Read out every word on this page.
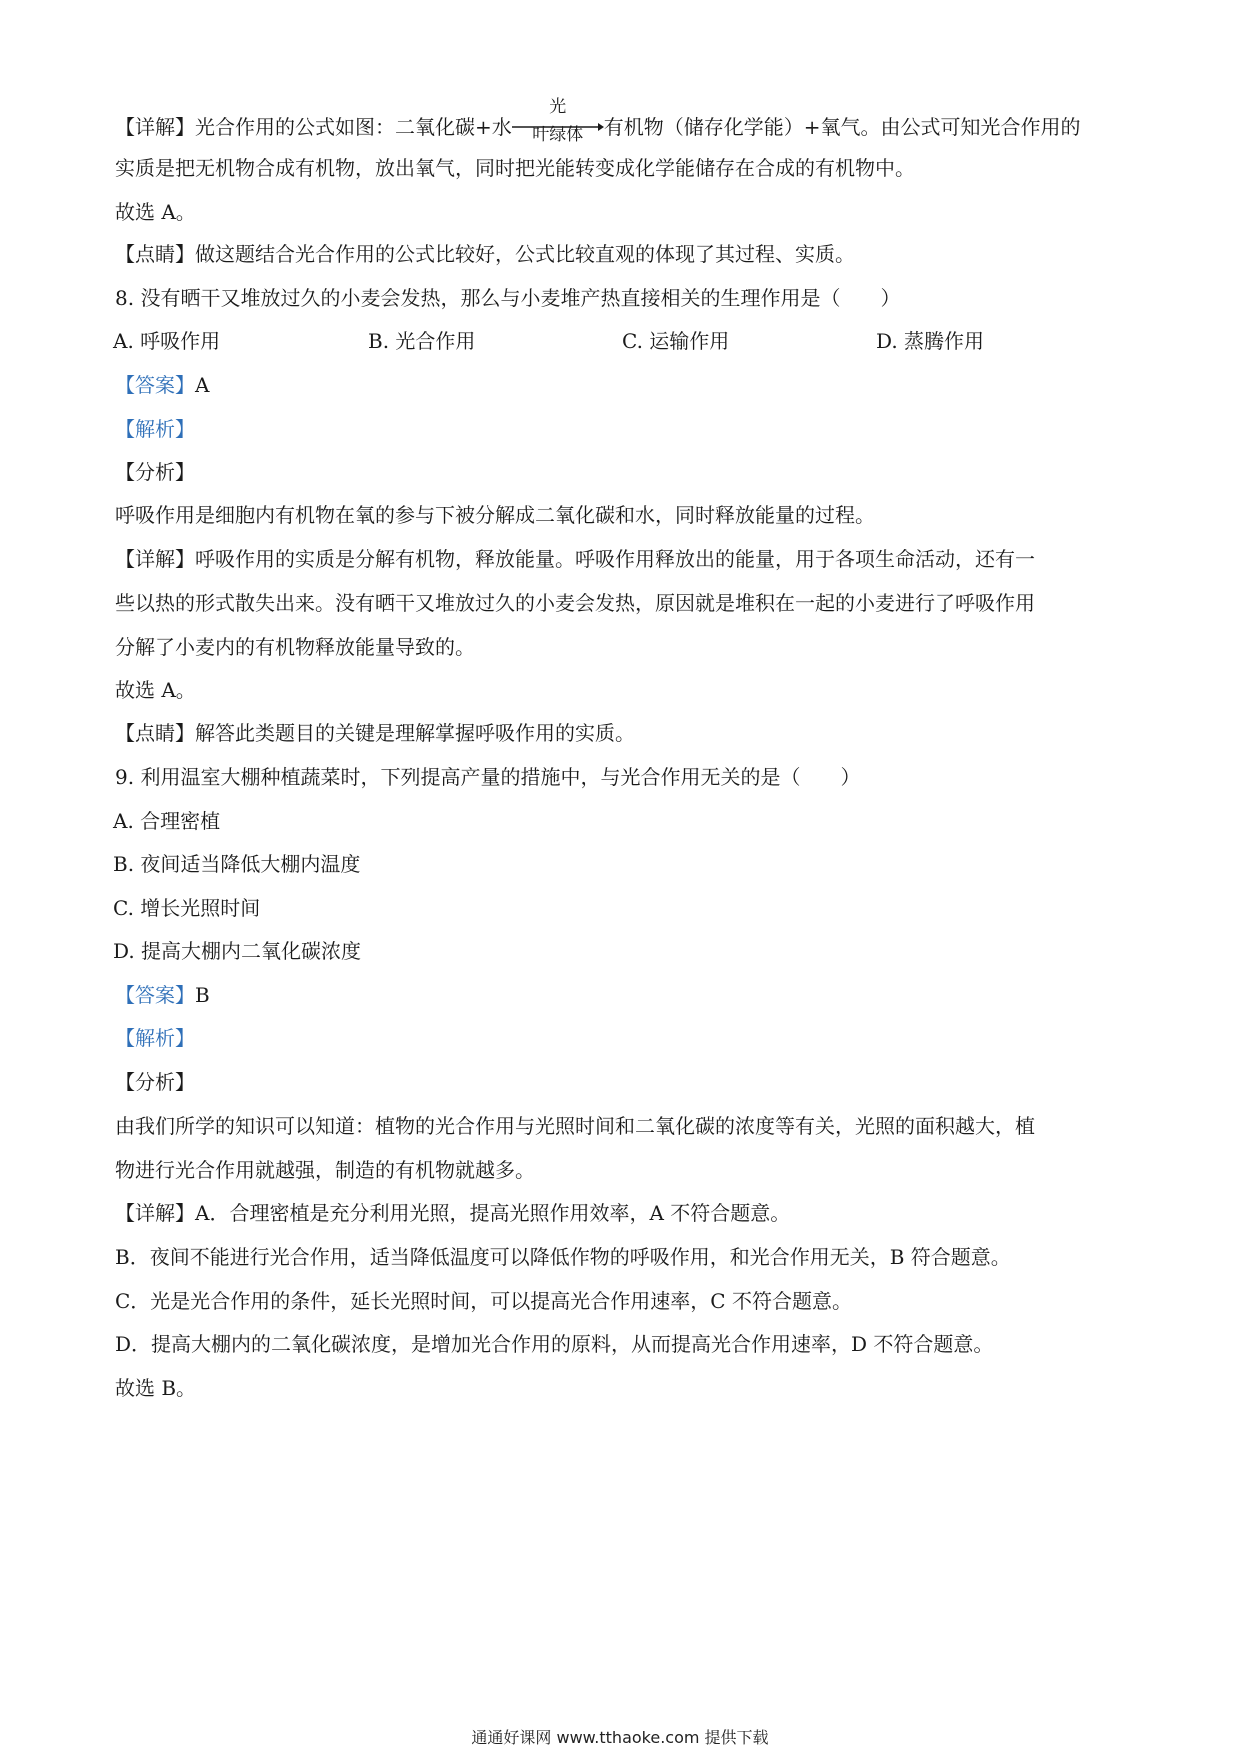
【详解】光合作用的公式如图：二氧化碳+水
光
叶绿体	有机物（储存化学能）+氧气。由公式可知光合作用的
实质是把无机物合成有机物，放出氧气，同时把光能转变成化学能储存在合成的有机物中。
故选 A。
【点睛】做这题结合光合作用的公式比较好，公式比较直观的体现了其过程、实质。
8. 没有晒干又堆放过久的小麦会发热，那么与小麦堆产热直接相关的生理作用是（　　）
A. 呼吸作用	B. 光合作用	C. 运输作用	D. 蒸腾作用
【答案】A
【解析】
【分析】
呼吸作用是细胞内有机物在氧的参与下被分解成二氧化碳和水，同时释放能量的过程。
【详解】呼吸作用的实质是分解有机物，释放能量。呼吸作用释放出的能量，用于各项生命活动，还有一
些以热的形式散失出来。没有晒干又堆放过久的小麦会发热，原因就是堆积在一起的小麦进行了呼吸作用
分解了小麦内的有机物释放能量导致的。
故选 A。
【点睛】解答此类题目的关键是理解掌握呼吸作用的实质。
9. 利用温室大棚种植蔬菜时，下列提高产量的措施中，与光合作用无关的是（　　）
A. 合理密植
B. 夜间适当降低大棚内温度
C. 增长光照时间
D. 提高大棚内二氧化碳浓度
【答案】B
【解析】
【分析】
由我们所学的知识可以知道：植物的光合作用与光照时间和二氧化碳的浓度等有关，光照的面积越大，植
物进行光合作用就越强，制造的有机物就越多。
【详解】A．合理密植是充分利用光照，提高光照作用效率，A 不符合题意。
B．夜间不能进行光合作用，适当降低温度可以降低作物的呼吸作用，和光合作用无关，B 符合题意。
C．光是光合作用的条件，延长光照时间，可以提高光合作用速率，C 不符合题意。
D．提高大棚内的二氧化碳浓度，是增加光合作用的原料，从而提高光合作用速率，D 不符合题意。
故选 B。
通通好课网 www.tthaoke.com 提供下载
